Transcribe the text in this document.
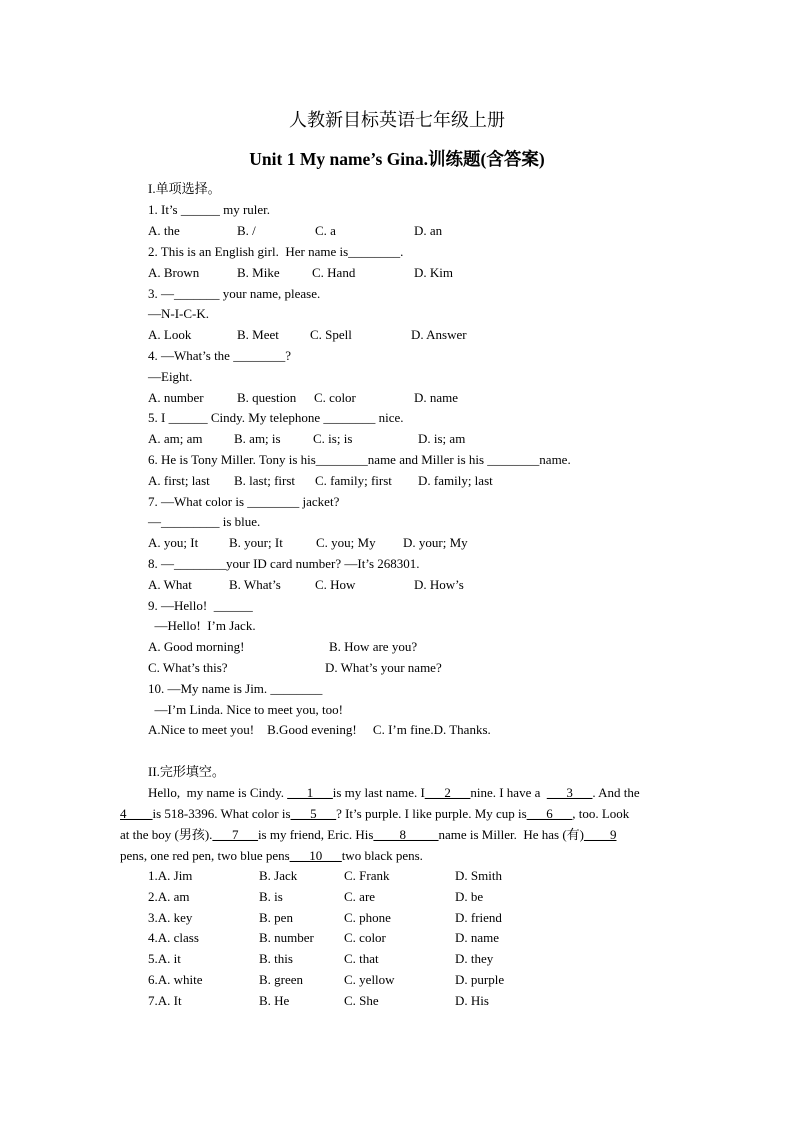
人教新目标英语七年级上册
Unit 1 My name’s Gina.训练题(含答案)
I.单项选择。
1. It’s ______ my ruler.
A. the	B. /	C. a	D. an
2. This is an English girl.  Her name is________.
A. Brown	B. Mike C. Hand	D. Kim
3. —_______ your name, please.
—N-I-C-K.
A. Look	B. Meet C. Spell	D. Answer
4. —What’s the ________?
—Eight.
A. number	B. question C. color	D. name
5. I ______ Cindy. My telephone ________ nice.
A. am; am B. am; is C. is; is	D. is; am
6. He is Tony Miller. Tony is his________name and Miller is his ________name.
A. first; last B. last; first C. family; first D. family; last
7. —What color is ________ jacket?
—_________ is blue.
A. you; It B. your; It	C. you; My D. your; My
8. —________your ID card number? —It’s 268301.
A. What	B. What’s	C. How	D. How’s
9. —Hello!  ______
—Hello!  I’m Jack.
A. Good morning!	B. How are you?
C. What’s this?	D. What’s your name?
10. —My name is Jim. ________
—I’m Linda. Nice to meet you, too!
A.Nice to meet you!    B.Good evening!     C. I’m fine.D. Thanks.
II.完形填空。
Hello,  my name is Cindy. ___1___is my last name. I___2___nine. I have a  ___3___. And the
4____is 518-3396. What color is___5___? It’s purple. I like purple. My cup is___6___, too. Look
at the boy (男孩).___7___is my friend, Eric. His____8_____name is Miller.  He has (有)____9
pens, one red pen, two blue pens___10___two black pens.
1.A. Jim	B. Jack	C. Frank	D. Smith
2.A. am	B. is	C. are	D. be
3.A. key	B. pen	C. phone	D. friend
4.A. class	B. number C. color	D. name
5.A. it	B. this	C. that	D. they
6.A. white	B. green	C. yellow	D. purple
7.A. It	B. He	C. She	D. His
